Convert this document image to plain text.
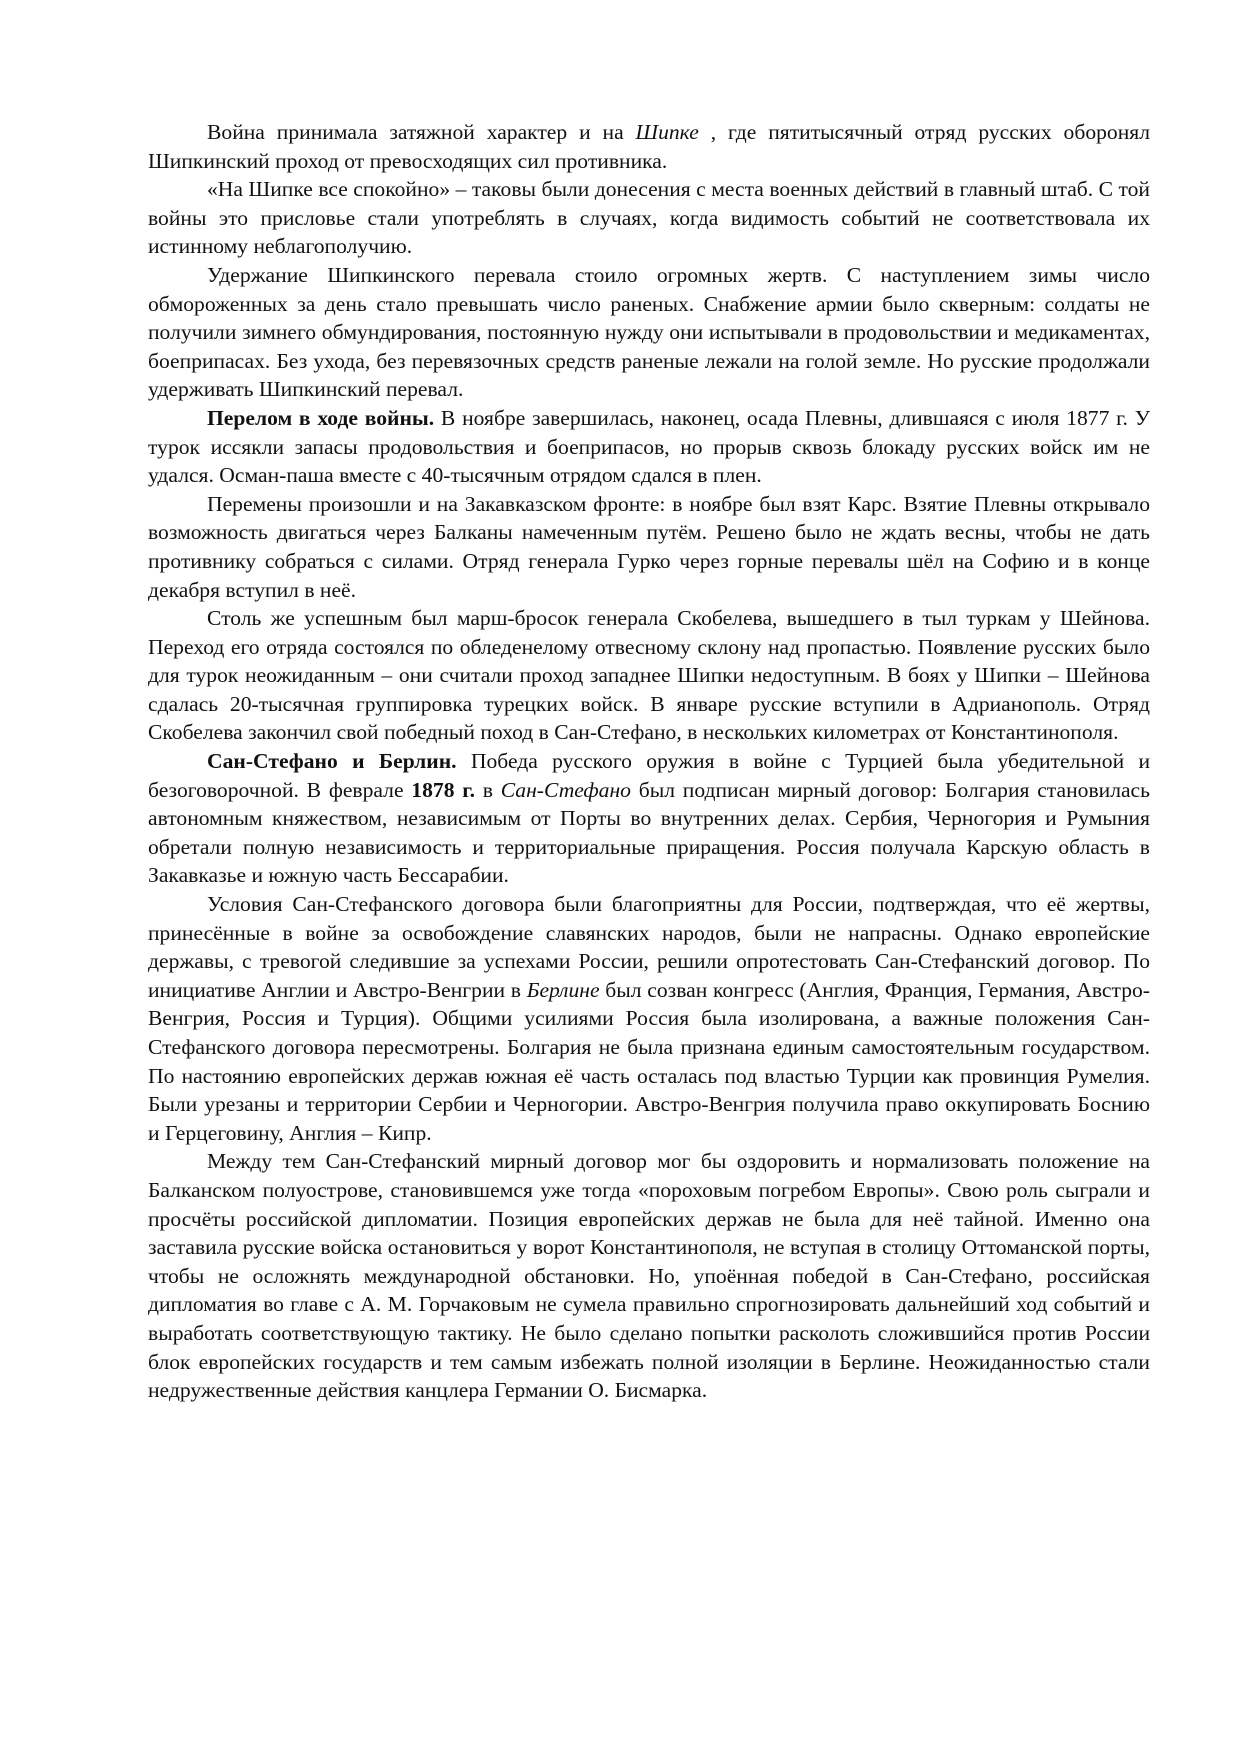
Война принимала затяжной характер и на Шипке , где пятитысячный отряд русских оборонял Шипкинский проход от превосходящих сил противника.

«На Шипке все спокойно» – таковы были донесения с места военных действий в главный штаб. С той войны это присловье стали употреблять в случаях, когда видимость событий не соответствовала их истинному неблагополучию.

Удержание Шипкинского перевала стоило огромных жертв. С наступлением зимы число обмороженных за день стало превышать число раненых. Снабжение армии было скверным: солдаты не получили зимнего обмундирования, постоянную нужду они испытывали в продовольствии и медикаментах, боеприпасах. Без ухода, без перевязочных средств раненые лежали на голой земле. Но русские продолжали удерживать Шипкинский перевал.

Перелом в ходе войны. В ноябре завершилась, наконец, осада Плевны, длившаяся с июля 1877 г. У турок иссякли запасы продовольствия и боеприпасов, но прорыв сквозь блокаду русских войск им не удался. Осман-паша вместе с 40-тысячным отрядом сдался в плен.

Перемены произошли и на Закавказском фронте: в ноябре был взят Карс. Взятие Плевны открывало возможность двигаться через Балканы намеченным путём. Решено было не ждать весны, чтобы не дать противнику собраться с силами. Отряд генерала Гурко через горные перевалы шёл на Софию и в конце декабря вступил в неё.

Столь же успешным был марш-бросок генерала Скобелева, вышедшего в тыл туркам у Шейнова. Переход его отряда состоялся по обледенелому отвесному склону над пропастью. Появление русских было для турок неожиданным – они считали проход западнее Шипки недоступным. В боях у Шипки – Шейнова сдалась 20-тысячная группировка турецких войск. В январе русские вступили в Адрианополь. Отряд Скобелева закончил свой победный поход в Сан-Стефано, в нескольких километрах от Константинополя.

Сан-Стефано и Берлин. Победа русского оружия в войне с Турцией была убедительной и безоговорочной. В феврале 1878 г. в Сан-Стефано был подписан мирный договор: Болгария становилась автономным княжеством, независимым от Порты во внутренних делах. Сербия, Черногория и Румыния обретали полную независимость и территориальные приращения. Россия получала Карскую область в Закавказье и южную часть Бессарабии.

Условия Сан-Стефанского договора были благоприятны для России, подтверждая, что её жертвы, принесённые в войне за освобождение славянских народов, были не напрасны. Однако европейские державы, с тревогой следившие за успехами России, решили опротестовать Сан-Стефанский договор. По инициативе Англии и Австро-Венгрии в Берлине был созван конгресс (Англия, Франция, Германия, Австро-Венгрия, Россия и Турция). Общими усилиями Россия была изолирована, а важные положения Сан-Стефанского договора пересмотрены. Болгария не была признана единым самостоятельным государством. По настоянию европейских держав южная её часть осталась под властью Турции как провинция Румелия. Были урезаны и территории Сербии и Черногории. Австро-Венгрия получила право оккупировать Боснию и Герцеговину, Англия – Кипр.

Между тем Сан-Стефанский мирный договор мог бы оздоровить и нормализовать положение на Балканском полуострове, становившемся уже тогда «пороховым погребом Европы». Свою роль сыграли и просчёты российской дипломатии. Позиция европейских держав не была для неё тайной. Именно она заставила русские войска остановиться у ворот Константинополя, не вступая в столицу Оттоманской порты, чтобы не осложнять международной обстановки. Но, упоённая победой в Сан-Стефано, российская дипломатия во главе с А. М. Горчаковым не сумела правильно спрогнозировать дальнейший ход событий и выработать соответствующую тактику. Не было сделано попытки расколоть сложившийся против России блок европейских государств и тем самым избежать полной изоляции в Берлине. Неожиданностью стали недружественные действия канцлера Германии О. Бисмарка.
